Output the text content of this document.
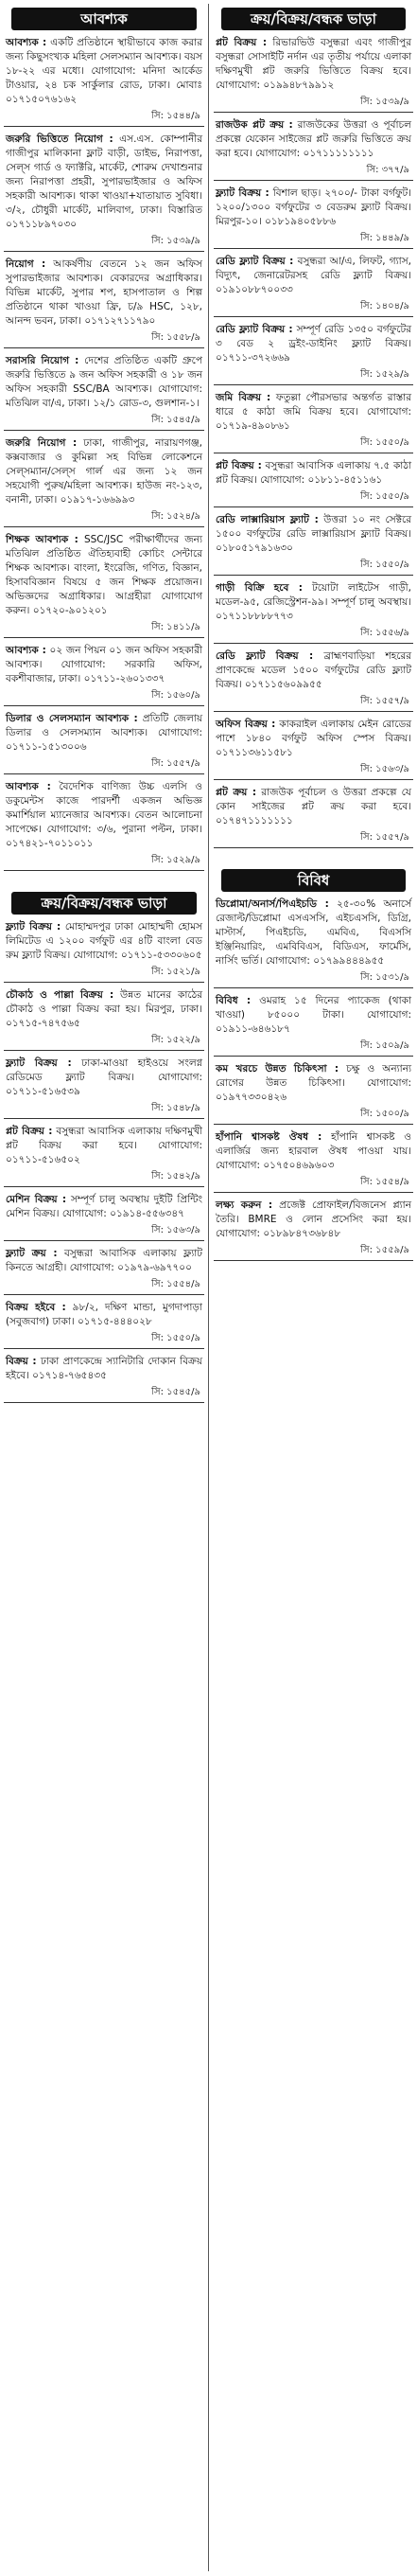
আবশ্যক

আবশ্যক : একটি প্রতিষ্ঠানে স্থায়ীভাবে কাজ করার জন্য কিছুসংখ্যক মহিলা সেলসম্যান আবশ্যক। বয়স ১৮-২২ এর মধ্যে। যোগাযোগ: মনিদা আর্কেড টাওয়ার, ২৪ চক সার্কুলার রোড, ঢাকা। মোবাঃ ০১৭১৫০৭৬১৬২

সি: ১৫৪৪/৯

জরুরি ভিত্তিতে নিয়োগ : এস.এস. কোম্পানীর গাজীপুর মালিকানা ফ্লাট বাড়ী, ডাইভ, নিরাপত্তা, সেল্স গার্ড ও ফ্যাক্টরি, মার্কেট, শোরুম দেখাশুনার জন্য নিরাপত্তা প্রহরী, সুপারভাইজার ও অফিস সহকারী আবশ্যক। থাকা খাওয়া+যাতায়াত সুবিধা। ৩/২, চৌধুরী মার্কেট, মালিবাগ, ঢাকা। বিস্তারিত ০১৭১১৮৯৭০৩০

সি: ১৫৩৯/৯

নিয়োগ : আকর্ষণীয় বেতনে ১২ জন অফিস সুপারভাইজার আবশ্যক। বেকারদের অগ্রাধিকার। বিভিন্ন মার্কেট, সুপার শপ, হাসপাতাল ও শিল্প প্রতিষ্ঠানে থাকা খাওয়া ফ্রি, চ/৯ HSC, ১২৮, আনন্দ ভবন, ঢাকা। ০১৭১২৭১১৭৯০

সি: ১৫৫৮/৯

সরাসরি নিয়োগ : দেশের প্রতিষ্ঠিত একটি গ্রুপে জরুরি ভিত্তিতে ৯ জন অফিস সহকারী ও ১৮ জন অফিস সহকারী SSC/BA আবশ্যক। যোগাযোগ: মতিঝিল বা/এ, ঢাকা। ১২/১ রোড-৩, গুলশান-১।

সি: ১৫৪৫/৯

জরুরি নিয়োগ : ঢাকা, গাজীপুর, নারায়ণগঞ্জ, কক্সবাজার ও কুমিল্লা সহ বিভিন্ন লোকেশনে সেল্সম্যান/সেল্স গার্ল এর জন্য ১২ জন সহযোগী পুরুষ/মহিলা আবশ্যক। হাউজ নং-১২৩, বনানী, ঢাকা। ০১৯১৭-১৬৬৯৯৩

সি: ১৫২৪/৯

শিক্ষক আবশ্যক : SSC/JSC পরীক্ষার্থীদের জন্য মতিঝিল প্রতিষ্ঠিত ঐতিহ্যবাহী কোচিং সেন্টারে শিক্ষক আবশ্যক। বাংলা, ইংরেজি, গণিত, বিজ্ঞান, হিসাববিজ্ঞান বিষয়ে ৫ জন শিক্ষক প্রয়োজন। অভিজ্ঞদের অগ্রাধিকার। আগ্রহীরা যোগাযোগ করুন। ০১৭২০-৯০১২০১

সি: ১৪১১/৯

আবশ্যক : ০২ জন পিয়ন ০১ জন অফিস সহকারী আবশ্যক। যোগাযোগ: সরকারি অফিস, বকশীবাজার, ঢাকা। ০১৭১১-২৬০১৩৩৭

সি: ১৫৬০/৯

ডিলার ও সেলসম্যান আবশ্যক : প্রতিটি জেলায় ডিলার ও সেলসম্যান আবশ্যক। যোগাযোগ: ০১৭১১-১৫১৩০০৬

সি: ১৫৫৭/৯

আবশ্যক : বৈদেশিক বাণিজ্য উচ্চ এলসি ও ডকুমেন্টস কাজে পারদর্শী একজন অভিজ্ঞ কমার্শিয়াল ম্যানেজার আবশ্যক। বেতন আলোচনা সাপেক্ষে। যোগাযোগ: ৩/৬, পুরানা পল্টন, ঢাকা। ০১৭৪২১-৭০১১০১১

সি: ১৫২৯/৯
ক্রয়/বিক্রয়/বন্ধক ভাড়া

ফ্ল্যাট বিক্রয় : মোহাম্মদপুর ঢাকা মোহাম্মদী হোমস লিমিটেড এ ১২০০ বর্গফুট এর ৪টি বাংলা বেড রুম ফ্ল্যাট বিক্রয়। যোগাযোগ: ০১৭১১-৫৩৩০৬০৫

সি: ১৫২১/৯

চৌকাঠ ও পাল্লা বিক্রয় : উন্নত মানের কাঠের চৌকাঠ ও পাল্লা বিক্রয় করা হয়। মিরপুর, ঢাকা। ০১৭১৫-৭৪৭৫৬৫

সি: ১৫২২/৯

ফ্ল্যাট বিক্রয় : ঢাকা-মাওয়া হাইওয়ে সংলগ্ন রেডিমেড ফ্ল্যাট বিক্রয়। যোগাযোগ: ০১৭১১-৫১৬৫৩৯

সি: ১৫৪৮/৯

প্লট বিক্রয় : বসুন্ধরা আবাসিক এলাকায় দক্ষিণমুখী প্লট বিক্রয় করা হবে। যোগাযোগ: ০১৭১১-৫১৬৫০২

সি: ১৫৪২/৯

মেশিন বিক্রয় : সম্পূর্ণ চালু অবস্থায় দুইটি প্রিন্টিং মেশিন বিক্রয়। যোগাযোগ: ০১৯১৪-৫৫৬৩৪৭

সি: ১৫৬৩/৯

ফ্ল্যাট ক্রয় : বসুন্ধরা আবাসিক এলাকায় ফ্ল্যাট কিনতে আগ্রহী। যোগাযোগ: ০১৯৭৯-৬৯৭৭০০

সি: ১৫৫৪/৯

বিক্রয় হইবে : ৯৮/২, দক্ষিণ মান্ডা, মুগদাপাড়া (সবুজবাগ) ঢাকা। ০১৭১৫-৪৪৪০২৮

সি: ১৫৫০/৯

বিক্রয় : ঢাকা প্রাণকেন্দ্রে স্যানিটারি দোকান বিক্রয় হইবে। ০১৭১৪-৭৬৫৪৩৫

সি: ১৫৪৫/৯
ক্রয়/বিক্রয়/বন্ধক ভাড়া

প্লট বিক্রয় : রিভারভিউ বসুন্ধরা এবং গাজীপুর বসুন্ধরা সোসাইটি নর্দান এর তৃতীয় পর্যায়ে এলাকা দক্ষিণমুখী প্লট জরুরি ভিত্তিতে বিক্রয় হবে। যোগাযোগ: ০১৯৯৪৮৭৯৯১২

সি: ১৫৩৯/৯

রাজউক প্লট ক্রয় : রাজউকের উত্তরা ও পূর্বাচল প্রকল্পে যেকোন সাইজের প্লট জরুরি ভিত্তিতে ক্রয় করা হবে। যোগাযোগ: ০১৭১১১১১১১১

সি: ৩৭৭/৯

ফ্ল্যাট বিক্রয় : বিশাল ছাড়। ২৭০০/- টাকা বর্গফুট। ১২০০/১৩০০ বর্গফুটের ৩ বেডরুম ফ্ল্যাট বিক্রয়। মিরপুর-১০। ০১৮১৯৪০৫৮৮৬

সি: ১৪৪৯/৯

রেডি ফ্ল্যাট বিক্রয় : বসুন্ধরা আ/এ, লিফট, গ্যাস, বিদ্যুৎ, জেনারেটরসহ রেডি ফ্ল্যাট বিক্রয়। ০১৯১০৮৮৭০০৩৩

সি: ১৪০৪/৯

রেডি ফ্ল্যাট বিক্রয় : সম্পূর্ণ রেডি ১৩৫০ বর্গফুটের ৩ বেড ২ ড্রইং-ডাইনিং ফ্ল্যাট বিক্রয়। ০১৭১১-৩৭২৬৬৯

সি: ১৫২৯/৯

জমি বিক্রয় : ফতুল্লা পৌরসভার অন্তর্গত রাস্তার ধারে ৫ কাঠা জমি বিক্রয় হবে। যোগাযোগ: ০১৭১৯-৪৯০৮৬১

সি: ১৫৫০/৯

প্লট বিক্রয় : বসুন্ধরা আবাসিক এলাকায় ৭.৫ কাঠা প্লট বিক্রয়। যোগাযোগ: ০১৮১১-৪৫১১৬১

সি: ১৫৫০/৯

রেডি লাক্সারিয়াস ফ্ল্যাট : উত্তরা ১০ নং সেক্টরে ১৫০০ বর্গফুটের রেডি লাক্সারিয়াস ফ্ল্যাট বিক্রয়। ০১৮০৫১৭৯১৬৩০

সি: ১৫৫০/৯

গাড়ী বিক্রি হবে : টয়োটা লাইটেস গাড়ী, মডেল-৯৫, রেজিস্ট্রেশন-৯৯। সম্পূর্ণ চালু অবস্থায়। ০১৭১১৮৮৮৮৭৭৩

সি: ১৫৫৬/৯

রেডি ফ্ল্যাট বিক্রয় : ব্রাহ্মণবাড়িয়া শহরের প্রাণকেন্দ্রে মডেল ১৫০০ বর্গফুটের রেডি ফ্ল্যাট বিক্রয়। ০১৭১১৫৬০৯৯৫৫

সি: ১৫৫৭/৯

অফিস বিক্রয় : কাকরাইল এলাকায় মেইন রোডের পাশে ১৮৪০ বর্গফুট অফিস স্পেস বিক্রয়। ০১৭১১৩৬১১৫৮১

সি: ১৫৬৩/৯

প্লট ক্রয় : রাজউক পূর্বাচল ও উত্তরা প্রকল্পে যে কোন সাইজের প্লট ক্রয় করা হবে। ০১৭৪৭১১১১১১১

সি: ১৫৫৭/৯
বিবিধ

ডিপ্লোমা/অনার্স/পিএইচডি : ২৫-৩০% অনার্সে রেজাল্ট/ডিপ্লোমা এসএসসি, এইচএসসি, ডিগ্রি, মাস্টার্স, পিএইচডি, এমবিএ, বিএসসি ইঞ্জিনিয়ারিং, এমবিবিএস, বিডিএস, ফার্মেসি, নার্সিং ভর্তি। যোগাযোগ: ০১৭৯৯৪৪৪৯৫৫

সি: ১৫৩১/৯

বিবিধ : ওমরাহ ১৫ দিনের প্যাকেজ (থাকা খাওয়া) ৮৫০০০ টাকা। যোগাযোগ: ০১৯১১-৬৪৬১৮৭

সি: ১৫০৯/৯

কম খরচে উন্নত চিকিৎসা : চক্ষু ও অন্যান্য রোগের উন্নত চিকিৎসা। যোগাযোগ: ০১৯৭৭৩৩০৪২৬

সি: ১৫০০/৯

হাঁপানি শ্বাসকষ্ট ঔষধ : হাঁপানি শ্বাসকষ্ট ও এলার্জির জন্য হারবাল ঔষধ পাওয়া যায়। যোগাযোগ: ০১৭৫০৪৬৯৬০৩

সি: ১৫৫৪/৯

লক্ষ্য করুন : প্রজেক্ট প্রোফাইল/বিজনেস প্ল্যান তৈরি। BMRE ও লোন প্রসেসিং করা হয়। যোগাযোগ: ০১৮৯৮৪৭৩৬৮৪৮

সি: ১৫৫৯/৯
